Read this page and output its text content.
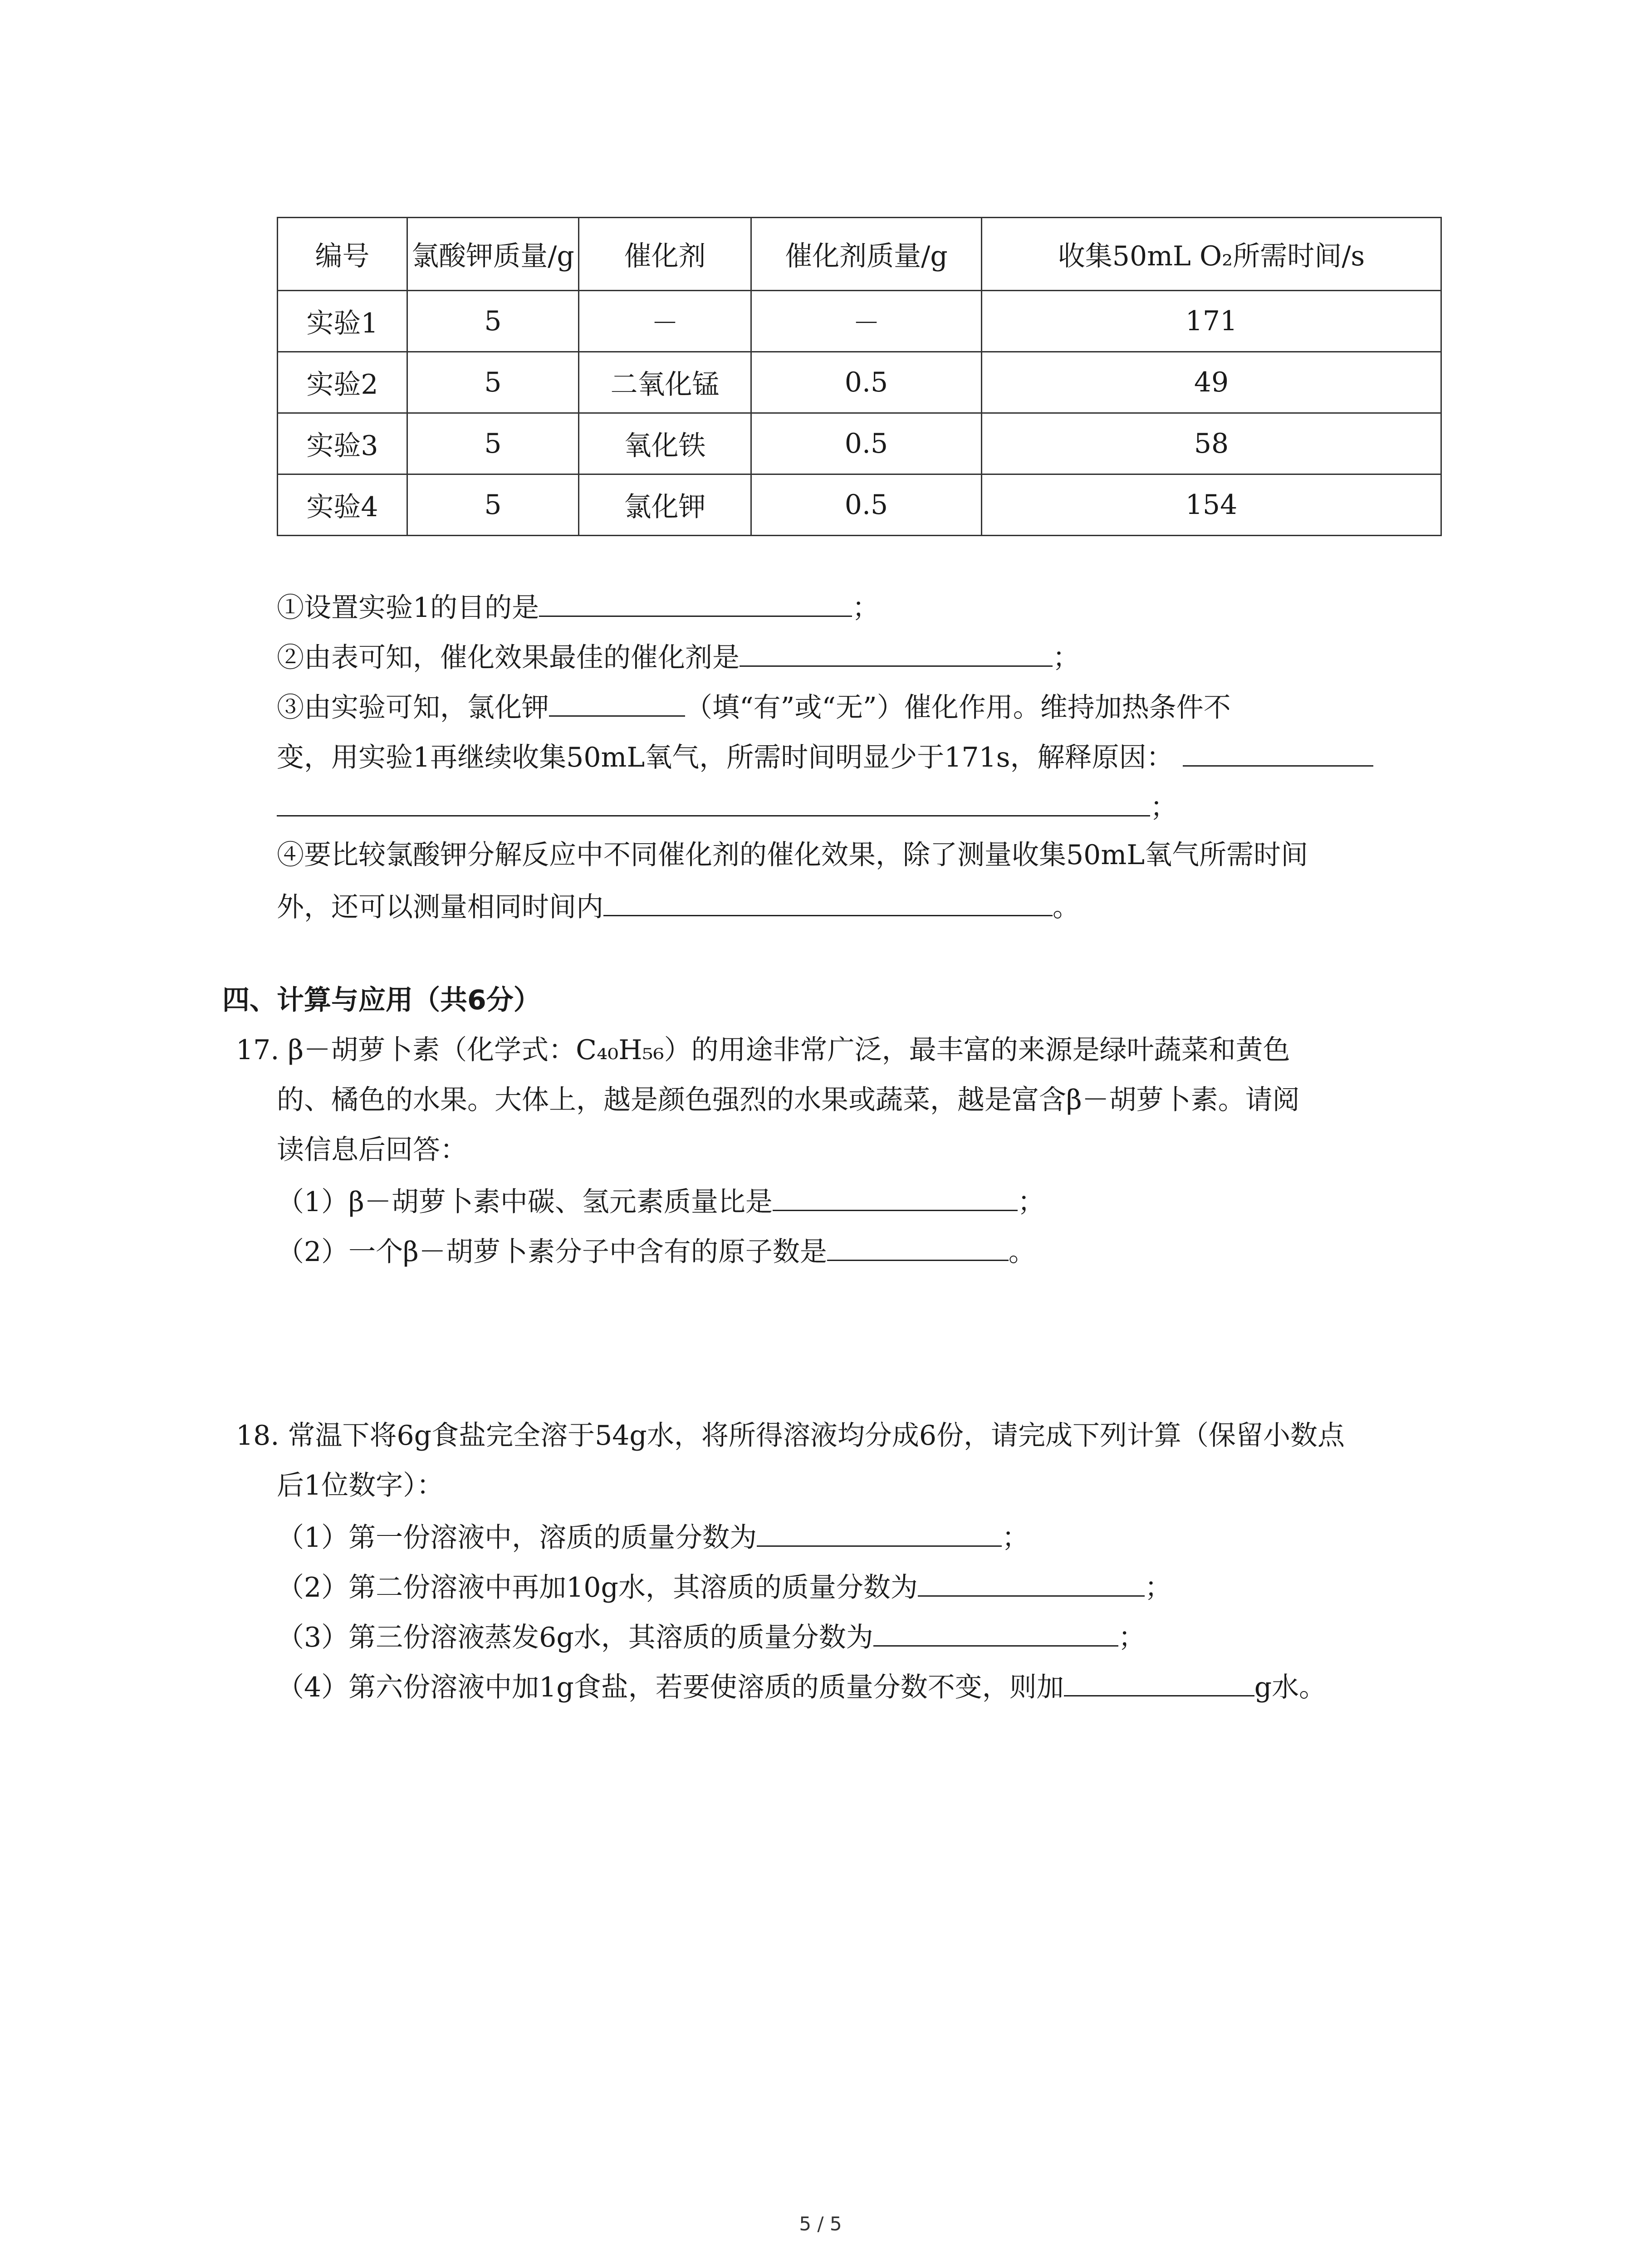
编号	氯酸钾质量/g	催化剂	催化剂质量/g	收集50mL O₂所需时间/s
实验1	5	－	－	171
实验2	5	二氧化锰	0.5	49
实验3	5	氧化铁	0.5	58
实验4	5	氯化钾	0.5	154
①设置实验1的目的是	；
②由表可知，催化效果最佳的催化剂是	；
③由实验可知，氯化钾	（填“有”或“无”）催化作用。维持加热条件不
变，用实验1再继续收集50mL氧气，所需时间明显少于171s，解释原因：
；
④要比较氯酸钾分解反应中不同催化剂的催化效果，除了测量收集50mL氧气所需时间
外，还可以测量相同时间内	。
四、计算与应用（共6分）
17. β－胡萝卜素（化学式：C₄₀H₅₆）的用途非常广泛，最丰富的来源是绿叶蔬菜和黄色
的、橘色的水果。大体上，越是颜色强烈的水果或蔬菜，越是富含β－胡萝卜素。请阅
读信息后回答：
（1）β－胡萝卜素中碳、氢元素质量比是	；
（2）一个β－胡萝卜素分子中含有的原子数是	。
18. 常温下将6g食盐完全溶于54g水，将所得溶液均分成6份，请完成下列计算（保留小数点
后1位数字）：
（1）第一份溶液中，溶质的质量分数为	；
（2）第二份溶液中再加10g水，其溶质的质量分数为	；
（3）第三份溶液蒸发6g水，其溶质的质量分数为	；
（4）第六份溶液中加1g食盐，若要使溶质的质量分数不变，则加	g水。
5 / 5
